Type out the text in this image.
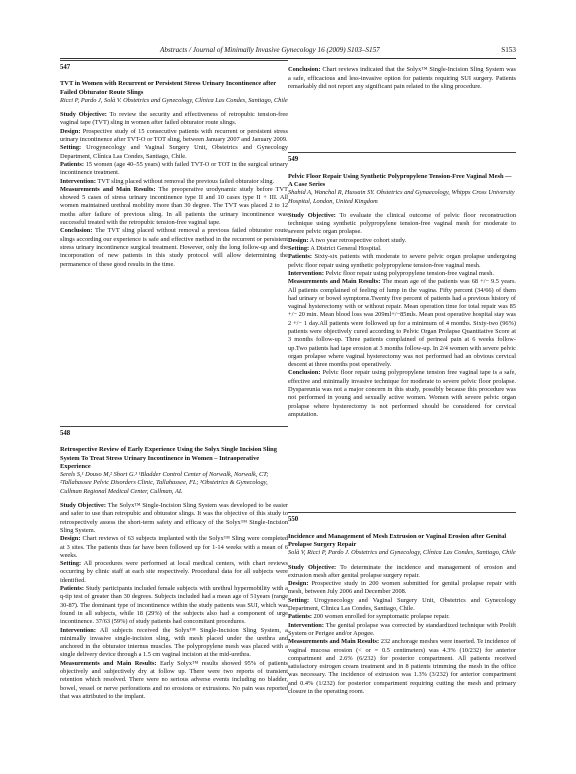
Abstracts / Journal of Minimally Invasive Gynecology 16 (2009) S103–S157	S153
547
TVT in Women with Recurrent or Persistent Stress Urinary Incontinence after Failed Obturator Route Slings
Ricci P, Pardo J, Solà V. Obstetrics and Gynecology, Clínica Las Condes, Santiago, Chile

Study Objective: To review the security and effectiveness of retropubic tension-free vaginal tape (TVT) sling in women after failed obturator route slings.

Design: Prospective study of 15 consecutive patients with recurrent or persistent stress urinary incontinence after TVT-O or TOT sling, between January 2007 and January 2009.

Setting: Urogynecology and Vaginal Surgery Unit, Obstetrics and Gynecology Department, Clínica Las Condes, Santiago, Chile.

Patients: 15 women (age 40–55 years) with failed TVT-O or TOT in the surgical urinary incontinence treatment.

Intervention: TVT sling placed without removal the previous failed obturator sling.

Measurements and Main Results: The preoperative urodynamic study before TVT showed 5 cases of stress urinary incontinence type II and 10 cases type II + III. All women maintained urethral mobility more than 30 degree. The TVT was placed 2 to 12 moths after failure of previous sling. In all patients the urinary incontinence was successful treated with the retropubic tension-free vaginal tape.

Conclusion: The TVT sling placed without removal a previous failed obturator route slings according our experience is safe and effective method in the recurrent or persistent stress urinary incontinence surgical treatment. However, only the long follow-up and the incorporation of new patients in this study protocol will allow determining the permanence of these good results in the time.

548
Retrospective Review of Early Experience Using the Solyx Single Incision Sling System To Treat Stress Urinary Incontinence in Women – Intraoperative Experience
Serels S,¹ Douso M,² Short G.³ ¹Bladder Control Center of Norwalk, Norwalk, CT; ²Tallahassee Pelvic Disorders Clinic, Tallahassee, FL; ³Obstetrics & Gynecology, Cullman Regional Medical Center, Cullman, AL

Study Objective: The Solyx™ Single-Incision Sling System was developed to be easier and safer to use than retropubic and obturator slings. It was the objective of this study to retrospectively assess the short-term safety and efficacy of the Solyx™ Single-Incision Sling System.

Design: Chart reviews of 63 subjects implanted with the Solyx™ Sling were completed at 3 sites. The patients thus far have been followed up for 1-14 weeks with a mean of 6 weeks.

Setting: All procedures were performed at local medical centers, with chart reviews occurring by clinic staff at each site respectively. Procedural data for all subjects were identified.

Patients: Study participants included female subjects with urethral hypermobility with a q-tip test of greater than 30 degrees. Subjects included had a mean age of 51years (range 30-87). The dominant type of incontinence within the study patients was SUI, which was found in all subjects, while 18 (29%) of the subjects also had a component of urge incontinence. 37/63 (59%) of study patients had concomitant procedures.

Intervention: All subjects received the Solyx™ Single-Incision Sling System, a minimally invasive single-incision sling, with mesh placed under the urethra and anchored in the obturator internus muscles. The polypropylene mesh was placed with a single delivery device through a 1.5 cm vaginal incision at the mid-urethra.

Measurements and Main Results: Early Solyx™ results showed 95% of patients objectively and subjectively dry at follow up. There were two reports of transient retention which resolved. There were no serious adverse events including no bladder, bowel, vessel or nerve perforations and no erosions or extrusions. No pain was reported that was attributed to the implant.

Conclusion: Chart reviews indicated that the Solyx™ Single-Incision Sling System was a safe, efficacious and less-invasive option for patients requiring SUI surgery. Patients remarkably did not report any significant pain related to the sling procedure.

549
Pelvic Floor Repair Using Synthetic Polypropylene Tension-Free Vaginal Mesh — A Case Series
Shahid A, Wanchal R, Hussain SY. Obstetrics and Gynaecology, Whipps Cross University Hospital, London, United Kingdom

Study Objective: To evaluate the clinical outcome of pelvic floor reconstruction technique using synthetic polypropylene tension-free vaginal mesh for moderate to severe pelvic organ prolapse.

Design: A two year retrospective cohort study.

Setting: A District General Hospital.

Patients: Sixty-six patients with moderate to severe pelvic organ prolapse undergoing pelvic floor repair using synthetic polypropylene tension-free vaginal mesh.

Intervention: Pelvic floor repair using polypropylene tension-free vaginal mesh.

Measurements and Main Results: The mean age of the patients was 68 +/− 9.5 years. All patients complained of feeling of lump in the vagina. Fifty percent (34/66) of them had urinary or bowel symptoms.Twenty five percent of patients had a previous history of vaginal hysterectomy with or without repair. Mean operation time for total repair was 85 +/− 20 min. Mean blood loss was 209ml+/−85mls. Mean post operative hospital stay was 2 +/− 1 day.All patients were followed up for a minimum of 4 months. Sixty-two (96%) patients were objectively cured according to Pelvic Organ Prolapse Quantitative Score at 3 months follow-up. Three patients complained of perineal pain at 6 weeks follow-up.Two patients had tape erosion at 3 months follow-up. In 2/4 women with severe pelvic organ prolapse where vaginal hysterectomy was not performed had an obvious cervical descent at three months post operatively.

Conclusion: Pelvic floor repair using polypropylene tension free vaginal tape is a safe, effective and minimally invasive technique for moderate to severe pelvic floor prolapse. Dyspareunia was not a major concern in this study, possibly because this procedure was not performed in young and sexually active women. Women with severe pelvic organ prolapse where hysterectomy is not performed should be considered for cervical amputation.

550
Incidence and Management of Mesh Extrusion or Vaginal Erosion after Genital Prolapse Surgery Repair
Solà V, Ricci P, Pardo J. Obstetrics and Gynecology, Clínica Las Condes, Santiago, Chile

Study Objective: To determinate the incidence and management of erosion and extrusion mesh after genital prolapse surgery repair.

Design: Prospective study in 200 women submitted for genital prolapse repair with mesh, between July 2006 and December 2008.

Setting: Urogynecology and Vaginal Surgery Unit, Obstetrics and Gynecology Department, Clinica Las Condes, Santiago, Chile.

Patients: 200 women enrolled for symptomatic prolapse repair.

Intervention: The genital prolapse was corrected by standardized technique with Prolift System or Perigee and/or Apogee.

Measurements and Main Results: 232 anchorage meshes were inserted. Te incidence of vaginal mucosa erosion (< or = 0.5 centimeters) was 4.3% (10/232) for anterior compartment and 2.6% (6/232) for posterior compartment. All patients received satisfactory estrogen cream treatment and in 8 patients trimming the mesh in the office was necessary. The incidence of extrusion was 1.3% (3/232) for anterior compartment and 0.4% (1/232) for posterior compartment requiring cutting the mesh and primary closure in the operating room.
